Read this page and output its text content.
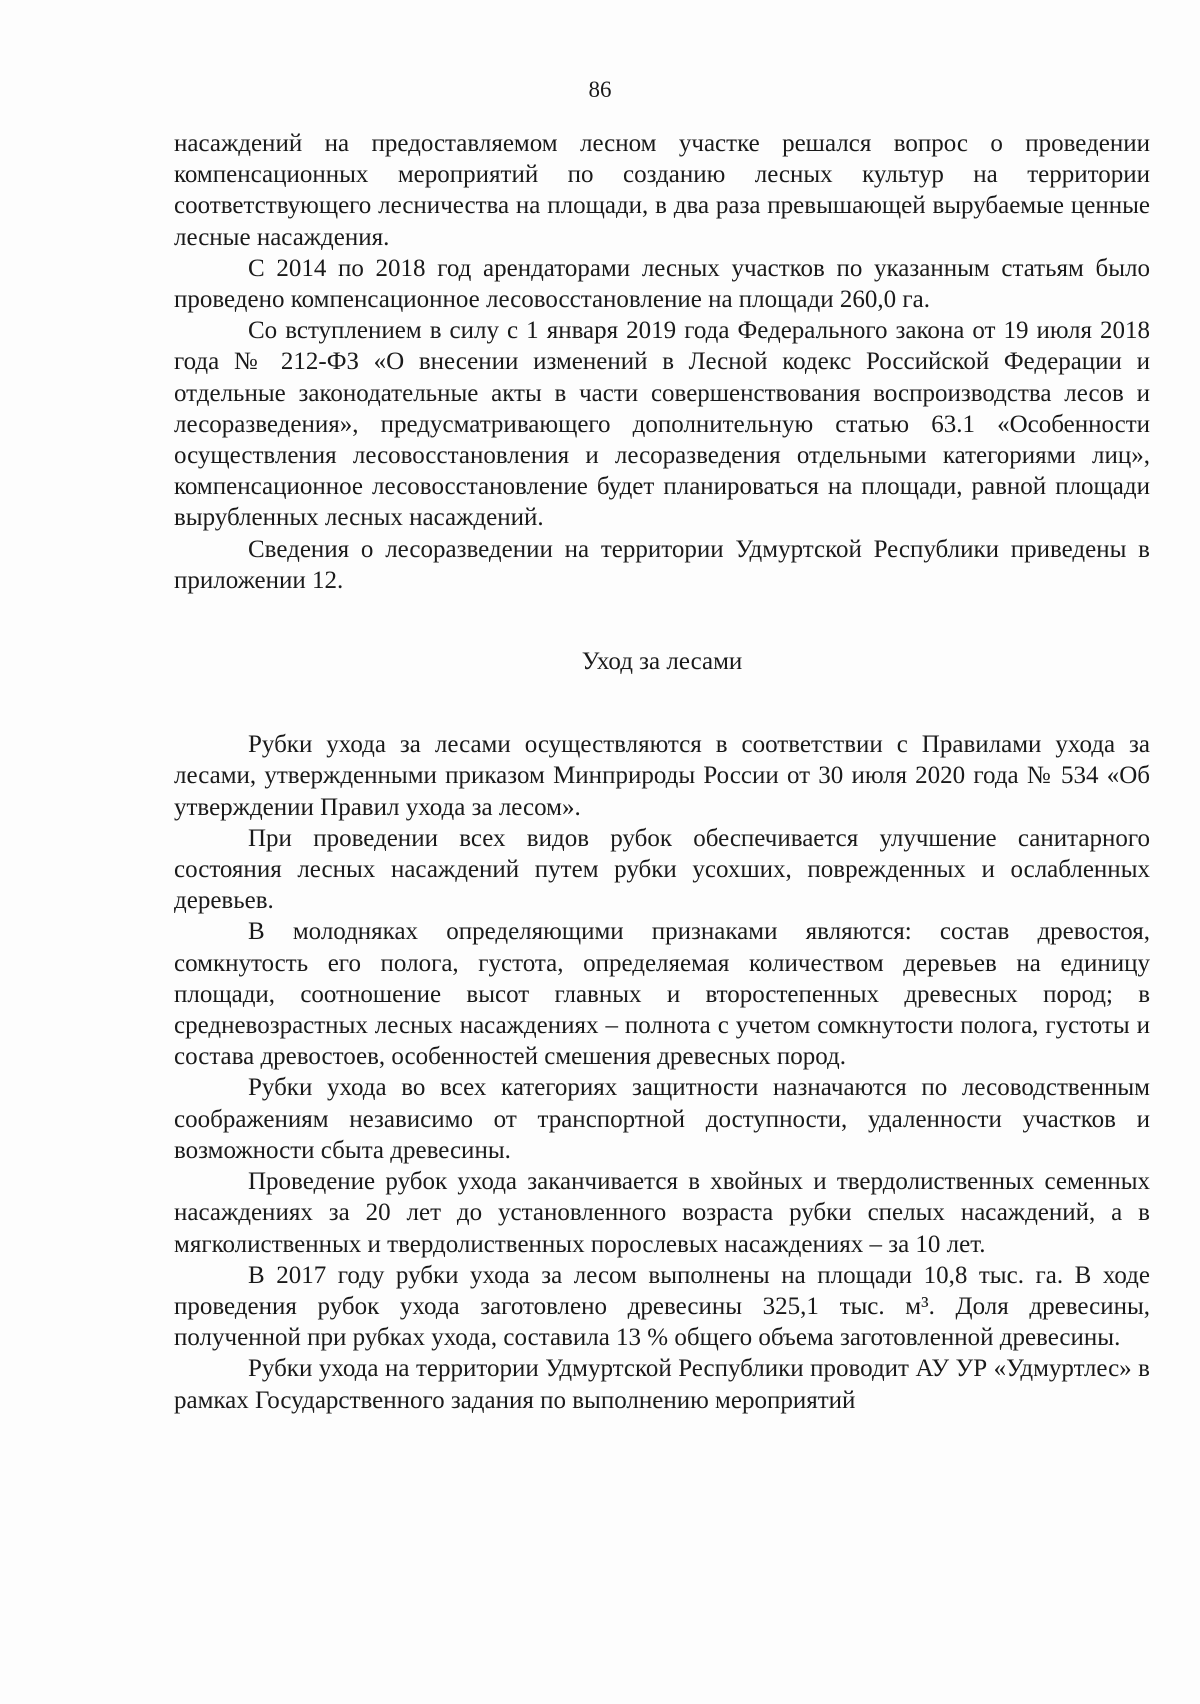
86

насаждений на предоставляемом лесном участке решался вопрос о проведении компенсационных мероприятий по созданию лесных культур на территории соответствующего лесничества на площади, в два раза превышающей вырубаемые ценные лесные насаждения.

С 2014 по 2018 год арендаторами лесных участков по указанным статьям было проведено компенсационное лесовосстановление на площади 260,0 га.

Со вступлением в силу с 1 января 2019 года Федерального закона от 19 июля 2018 года № 212-ФЗ «О внесении изменений в Лесной кодекс Российской Федерации и отдельные законодательные акты в части совершенствования воспроизводства лесов и лесоразведения», предусматривающего дополнительную статью 63.1 «Особенности осуществления лесовосстановления и лесоразведения отдельными категориями лиц», компенсационное лесовосстановление будет планироваться на площади, равной площади вырубленных лесных насаждений.

Сведения о лесоразведении на территории Удмуртской Республики приведены в приложении 12.

Уход за лесами

Рубки ухода за лесами осуществляются в соответствии с Правилами ухода за лесами, утвержденными приказом Минприроды России от 30 июля 2020 года № 534 «Об утверждении Правил ухода за лесом».

При проведении всех видов рубок обеспечивается улучшение санитарного состояния лесных насаждений путем рубки усохших, поврежденных и ослабленных деревьев.

В молодняках определяющими признаками являются: состав древостоя, сомкнутость его полога, густота, определяемая количеством деревьев на единицу площади, соотношение высот главных и второстепенных древесных пород; в средневозрастных лесных насаждениях – полнота с учетом сомкнутости полога, густоты и состава древостоев, особенностей смешения древесных пород.

Рубки ухода во всех категориях защитности назначаются по лесоводственным соображениям независимо от транспортной доступности, удаленности участков и возможности сбыта древесины.

Проведение рубок ухода заканчивается в хвойных и твердолиственных семенных насаждениях за 20 лет до установленного возраста рубки спелых насаждений, а в мягколиственных и твердолиственных порослевых насаждениях – за 10 лет.

В 2017 году рубки ухода за лесом выполнены на площади 10,8 тыс. га. В ходе проведения рубок ухода заготовлено древесины 325,1 тыс. м³. Доля древесины, полученной при рубках ухода, составила 13 % общего объема заготовленной древесины.

Рубки ухода на территории Удмуртской Республики проводит АУ УР «Удмуртлес» в рамках Государственного задания по выполнению мероприятий
